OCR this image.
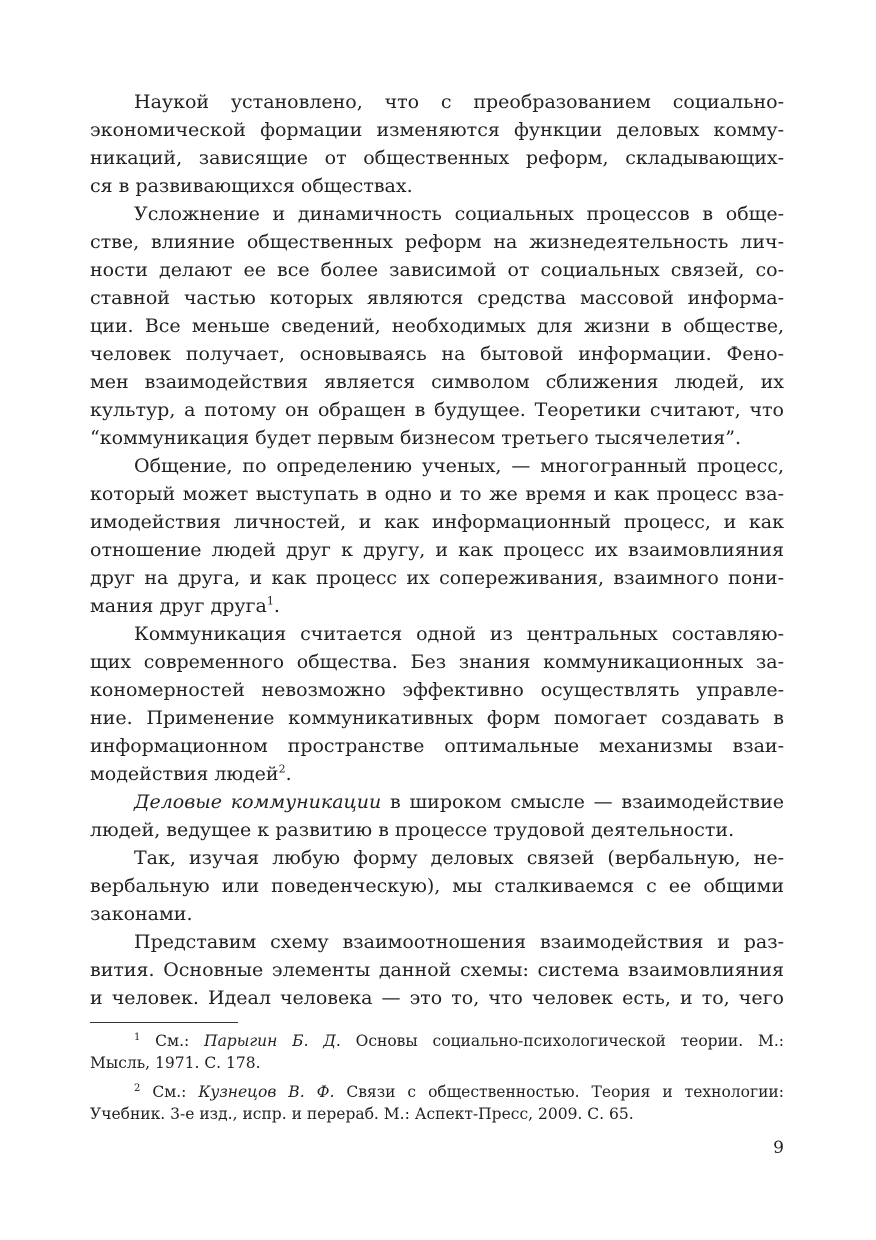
Наукой установлено, что с преобразованием социально-
экономической формации изменяются функции деловых комму-
никаций, зависящие от общественных реформ, складывающих-
ся в развивающихся обществах.
Усложнение и динамичность социальных процессов в обще-
стве, влияние общественных реформ на жизнедеятельность лич-
ности делают ее все более зависимой от социальных связей, со-
ставной частью которых являются средства массовой информа-
ции. Все меньше сведений, необходимых для жизни в обществе,
человек получает, основываясь на бытовой информации. Фено-
мен взаимодействия является символом сближения людей, их
культур, а потому он обращен в будущее. Теоретики считают, что
“коммуникация будет первым бизнесом третьего тысячелетия”.
Общение, по определению ученых, — многогранный процесс,
который может выступать в одно и то же время и как процесс вза-
имодействия личностей, и как информационный процесс, и как
отношение людей друг к другу, и как процесс их взаимовлияния
друг на друга, и как процесс их сопереживания, взаимного пони-
мания друг друга$^1$.
Коммуникация считается одной из центральных составляю-
щих современного общества. Без знания коммуникационных за-
кономерностей невозможно эффективно осуществлять управле-
ние. Применение коммуникативных форм помогает создавать в
информационном пространстве оптимальные механизмы взаи-
модействия людей$^2$.
Деловые коммуникации в широком смысле — взаимодействие
людей, ведущее к развитию в процессе трудовой деятельности.
Так, изучая любую форму деловых связей (вербальную, не-
вербальную или поведенческую), мы сталкиваемся с ее общими
законами.
Представим схему взаимоотношения взаимодействия и раз-
вития. Основные элементы данной схемы: система взаимовлияния
и человек. Идеал человека — это то, что человек есть, и то, чего
$^1$ См.: Парыгин Б. Д. Основы социально-психологической теории. М.:
Мысль, 1971. С. 178.
$^2$ См.: Кузнецов В. Ф. Связи с общественностью. Теория и технологии:
Учебник. 3-е изд., испр. и перераб. М.: Аспект-Пресс, 2009. С. 65.
9
